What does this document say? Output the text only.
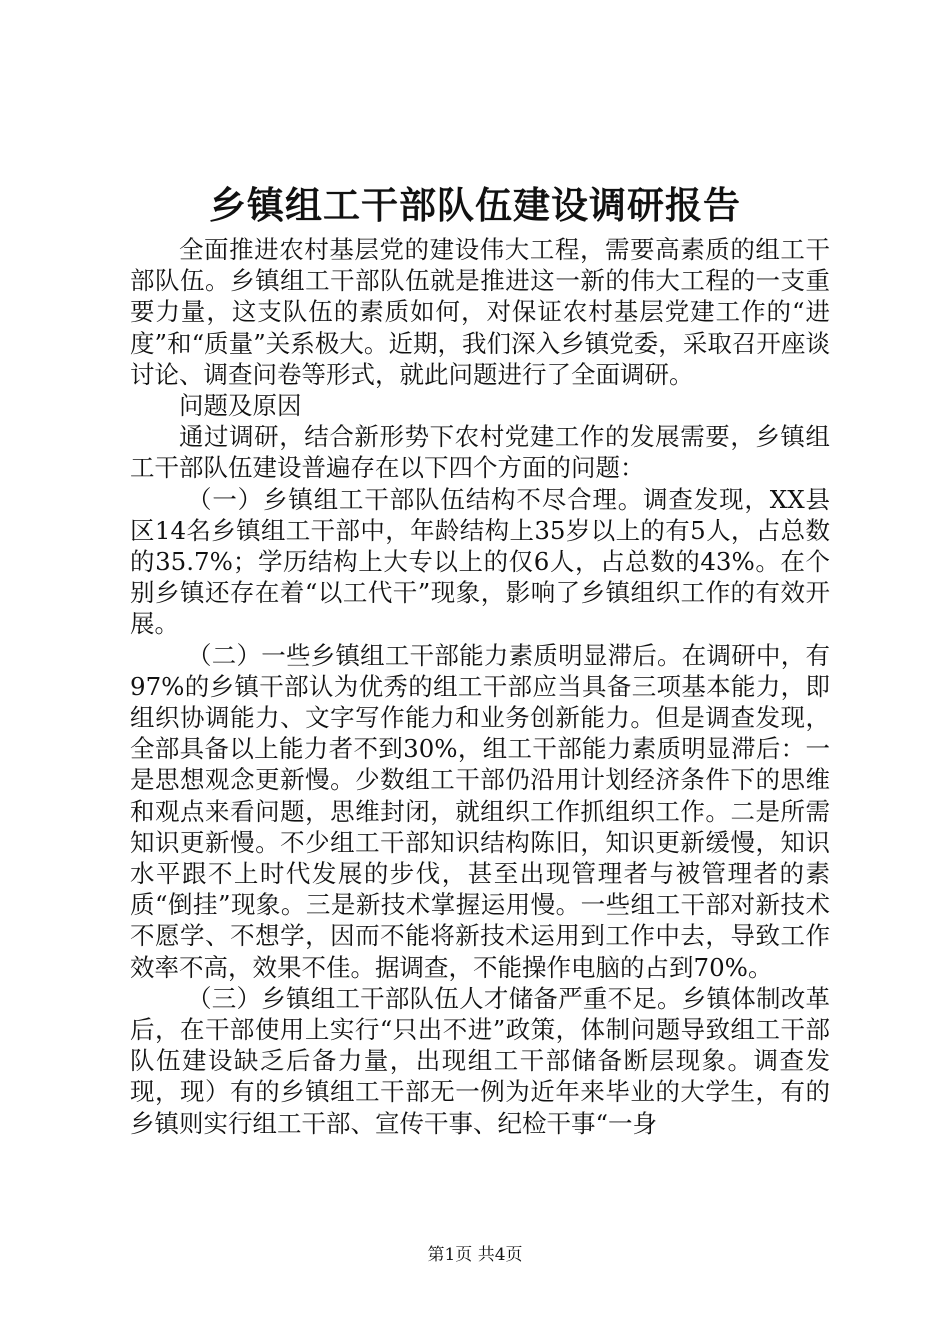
乡镇组工干部队伍建设调研报告

全面推进农村基层党的建设伟大工程，需要高素质的组工干部队伍。乡镇组工干部队伍就是推进这一新的伟大工程的一支重要力量，这支队伍的素质如何，对保证农村基层党建工作的“进度”和“质量”关系极大。近期，我们深入乡镇党委，采取召开座谈讨论、调查问卷等形式，就此问题进行了全面调研。

问题及原因

通过调研，结合新形势下农村党建工作的发展需要，乡镇组工干部队伍建设普遍存在以下四个方面的问题：

（一）乡镇组工干部队伍结构不尽合理。调查发现，XX县区14名乡镇组工干部中，年龄结构上35岁以上的有5人，占总数的35.7%；学历结构上大专以上的仅6人，占总数的43%。在个别乡镇还存在着“以工代干”现象，影响了乡镇组织工作的有效开展。

（二）一些乡镇组工干部能力素质明显滞后。在调研中，有97%的乡镇干部认为优秀的组工干部应当具备三项基本能力，即组织协调能力、文字写作能力和业务创新能力。但是调查发现，全部具备以上能力者不到30%，组工干部能力素质明显滞后：一是思想观念更新慢。少数组工干部仍沿用计划经济条件下的思维和观点来看问题，思维封闭，就组织工作抓组织工作。二是所需知识更新慢。不少组工干部知识结构陈旧，知识更新缓慢，知识水平跟不上时代发展的步伐，甚至出现管理者与被管理者的素质“倒挂”现象。三是新技术掌握运用慢。一些组工干部对新技术不愿学、不想学，因而不能将新技术运用到工作中去，导致工作效率不高，效果不佳。据调查，不能操作电脑的占到70%。

（三）乡镇组工干部队伍人才储备严重不足。乡镇体制改革后，在干部使用上实行“只出不进”政策，体制问题导致组工干部队伍建设缺乏后备力量，出现组工干部储备断层现象。调查发现，现）有的乡镇组工干部无一例为近年来毕业的大学生，有的乡镇则实行组工干部、宣传干事、纪检干事“一身

第1页 共4页
